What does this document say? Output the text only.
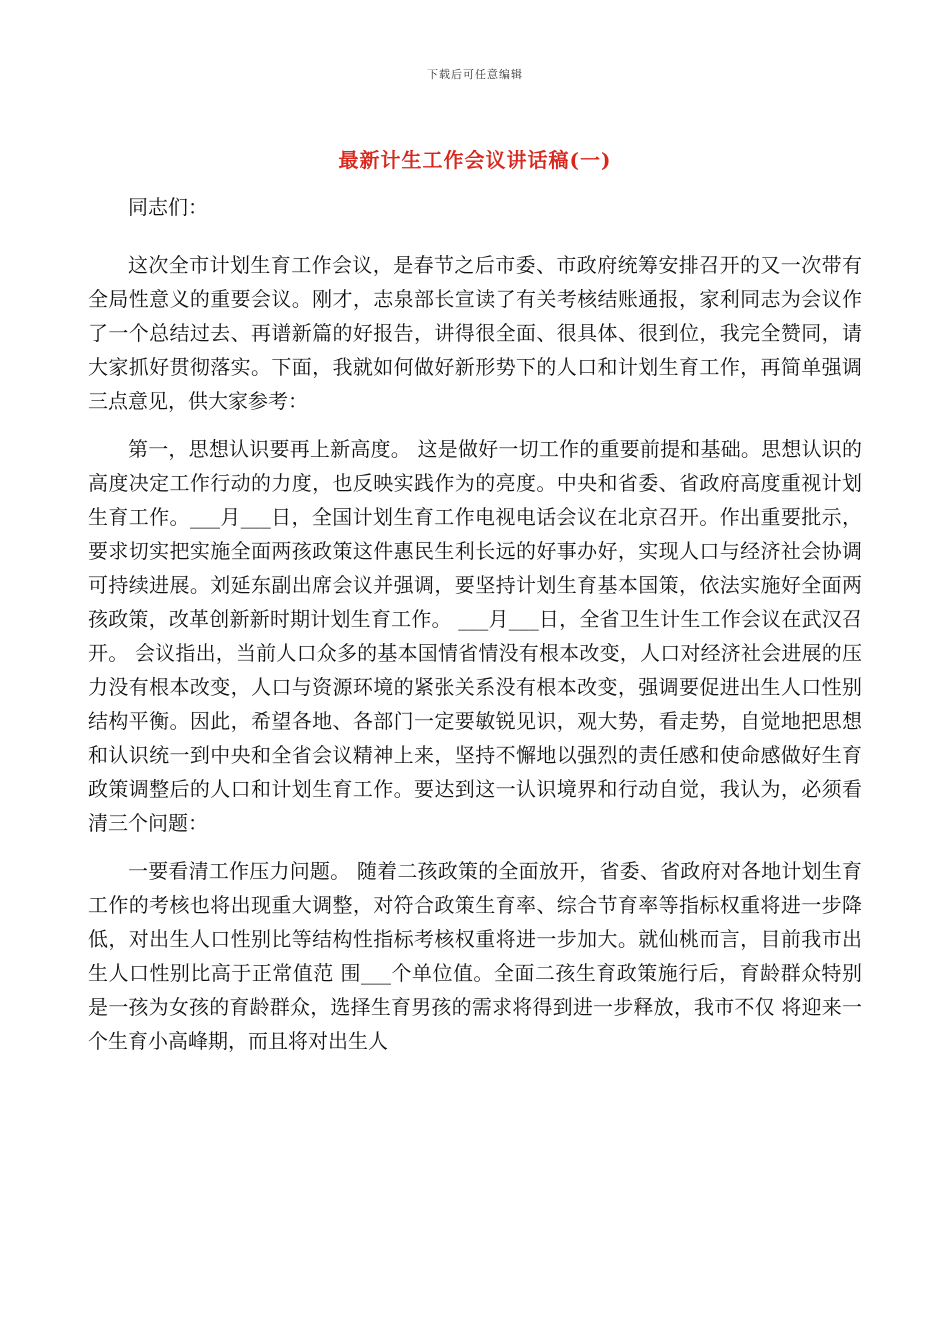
下载后可任意编辑
最新计生工作会议讲话稿(一)

同志们：

这次全市计划生育工作会议，是春节之后市委、市政府统筹安排召开的又一次带有全局性意义的重要会议。刚才，志泉部长宣读了有关考核结账通报，家利同志为会议作了一个总结过去、再谱新篇的好报告，讲得很全面、很具体、很到位，我完全赞同，请大家抓好贯彻落实。下面，我就如何做好新形势下的人口和计划生育工作，再简单强调三点意见，供大家参考：

第一，思想认识要再上新高度。 这是做好一切工作的重要前提和基础。思想认识的高度决定工作行动的力度，也反映实践作为的亮度。中央和省委、省政府高度重视计划生育工作。___月___日，全国计划生育工作电视电话会议在北京召开。作出重要批示，要求切实把实施全面两孩政策这件惠民生利长远的好事办好，实现人口与经济社会协调可持续进展。刘延东副出席会议并强调，要坚持计划生育基本国策，依法实施好全面两孩政策，改革创新新时期计划生育工作。 ___月___日，全省卫生计生工作会议在武汉召开。 会议指出，当前人口众多的基本国情省情没有根本改变，人口对经济社会进展的压力没有根本改变，人口与资源环境的紧张关系没有根本改变，强调要促进出生人口性别结构平衡。因此，希望各地、各部门一定要敏锐见识，观大势，看走势，自觉地把思想和认识统一到中央和全省会议精神上来，坚持不懈地以强烈的责任感和使命感做好生育政策调整后的人口和计划生育工作。要达到这一认识境界和行动自觉，我认为，必须看清三个问题：

一要看清工作压力问题。 随着二孩政策的全面放开，省委、省政府对各地计划生育工作的考核也将出现重大调整，对符合政策生育率、综合节育率等指标权重将进一步降低，对出生人口性别比等结构性指标考核权重将进一步加大。就仙桃而言，目前我市出生人口性别比高于正常值范 围___个单位值。全面二孩生育政策施行后，育龄群众特别是一孩为女孩的育龄群众，选择生育男孩的需求将得到进一步释放，我市不仅 将迎来一个生育小高峰期，而且将对出生人
